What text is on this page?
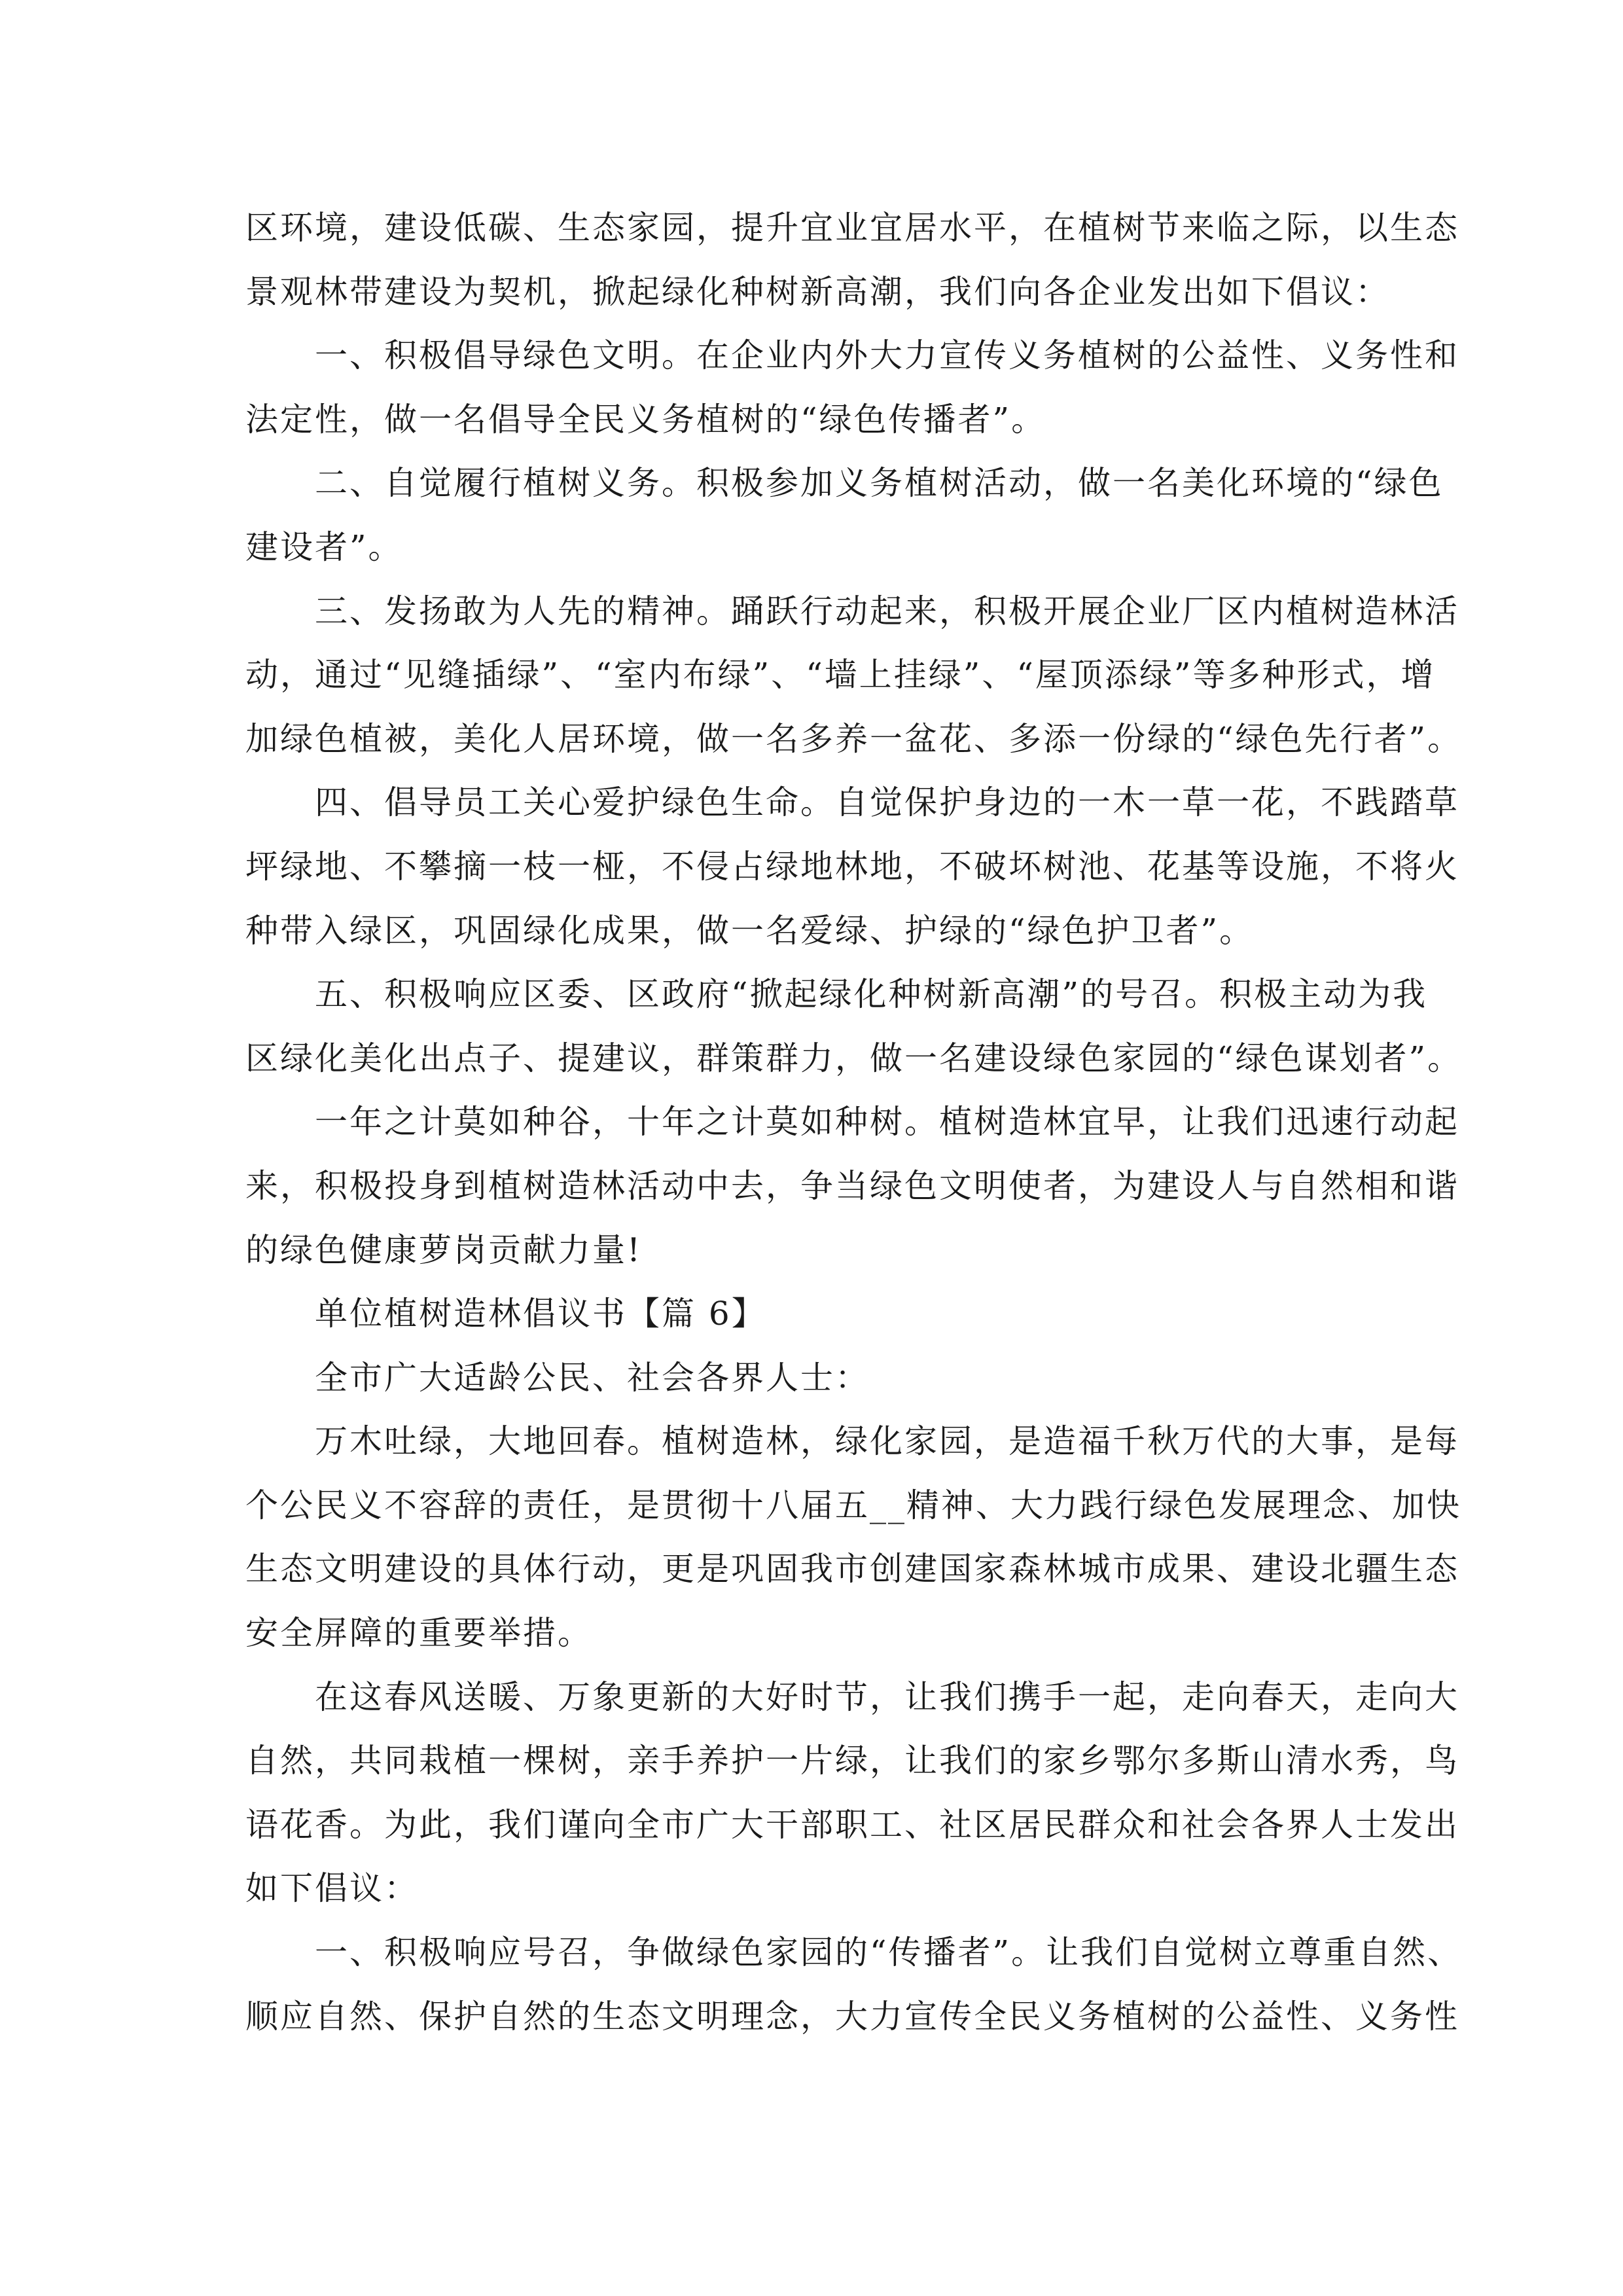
区环境，建设低碳、生态家园，提升宜业宜居水平，在植树节来临之际，以生态
景观林带建设为契机，掀起绿化种树新高潮，我们向各企业发出如下倡议：
一、积极倡导绿色文明。在企业内外大力宣传义务植树的公益性、义务性和
法定性，做一名倡导全民义务植树的“绿色传播者”。
二、自觉履行植树义务。积极参加义务植树活动，做一名美化环境的“绿色
建设者”。
三、发扬敢为人先的精神。踊跃行动起来，积极开展企业厂区内植树造林活
动，通过“见缝插绿”、“室内布绿”、“墙上挂绿”、“屋顶添绿”等多种形式，增
加绿色植被，美化人居环境，做一名多养一盆花、多添一份绿的“绿色先行者”。
四、倡导员工关心爱护绿色生命。自觉保护身边的一木一草一花，不践踏草
坪绿地、不攀摘一枝一桠，不侵占绿地林地，不破坏树池、花基等设施，不将火
种带入绿区，巩固绿化成果，做一名爱绿、护绿的“绿色护卫者”。
五、积极响应区委、区政府“掀起绿化种树新高潮”的号召。积极主动为我
区绿化美化出点子、提建议，群策群力，做一名建设绿色家园的“绿色谋划者”。
一年之计莫如种谷，十年之计莫如种树。植树造林宜早，让我们迅速行动起
来，积极投身到植树造林活动中去，争当绿色文明使者，为建设人与自然相和谐
的绿色健康萝岗贡献力量!
单位植树造林倡议书【篇 6】
全市广大适龄公民、社会各界人士：
万木吐绿，大地回春。植树造林，绿化家园，是造福千秋万代的大事，是每
个公民义不容辞的责任，是贯彻十八届五__精神、大力践行绿色发展理念、加快
生态文明建设的具体行动，更是巩固我市创建国家森林城市成果、建设北疆生态
安全屏障的重要举措。
在这春风送暖、万象更新的大好时节，让我们携手一起，走向春天，走向大
自然，共同栽植一棵树，亲手养护一片绿，让我们的家乡鄂尔多斯山清水秀，鸟
语花香。为此，我们谨向全市广大干部职工、社区居民群众和社会各界人士发出
如下倡议：
一、积极响应号召，争做绿色家园的“传播者”。让我们自觉树立尊重自然、
顺应自然、保护自然的生态文明理念，大力宣传全民义务植树的公益性、义务性
